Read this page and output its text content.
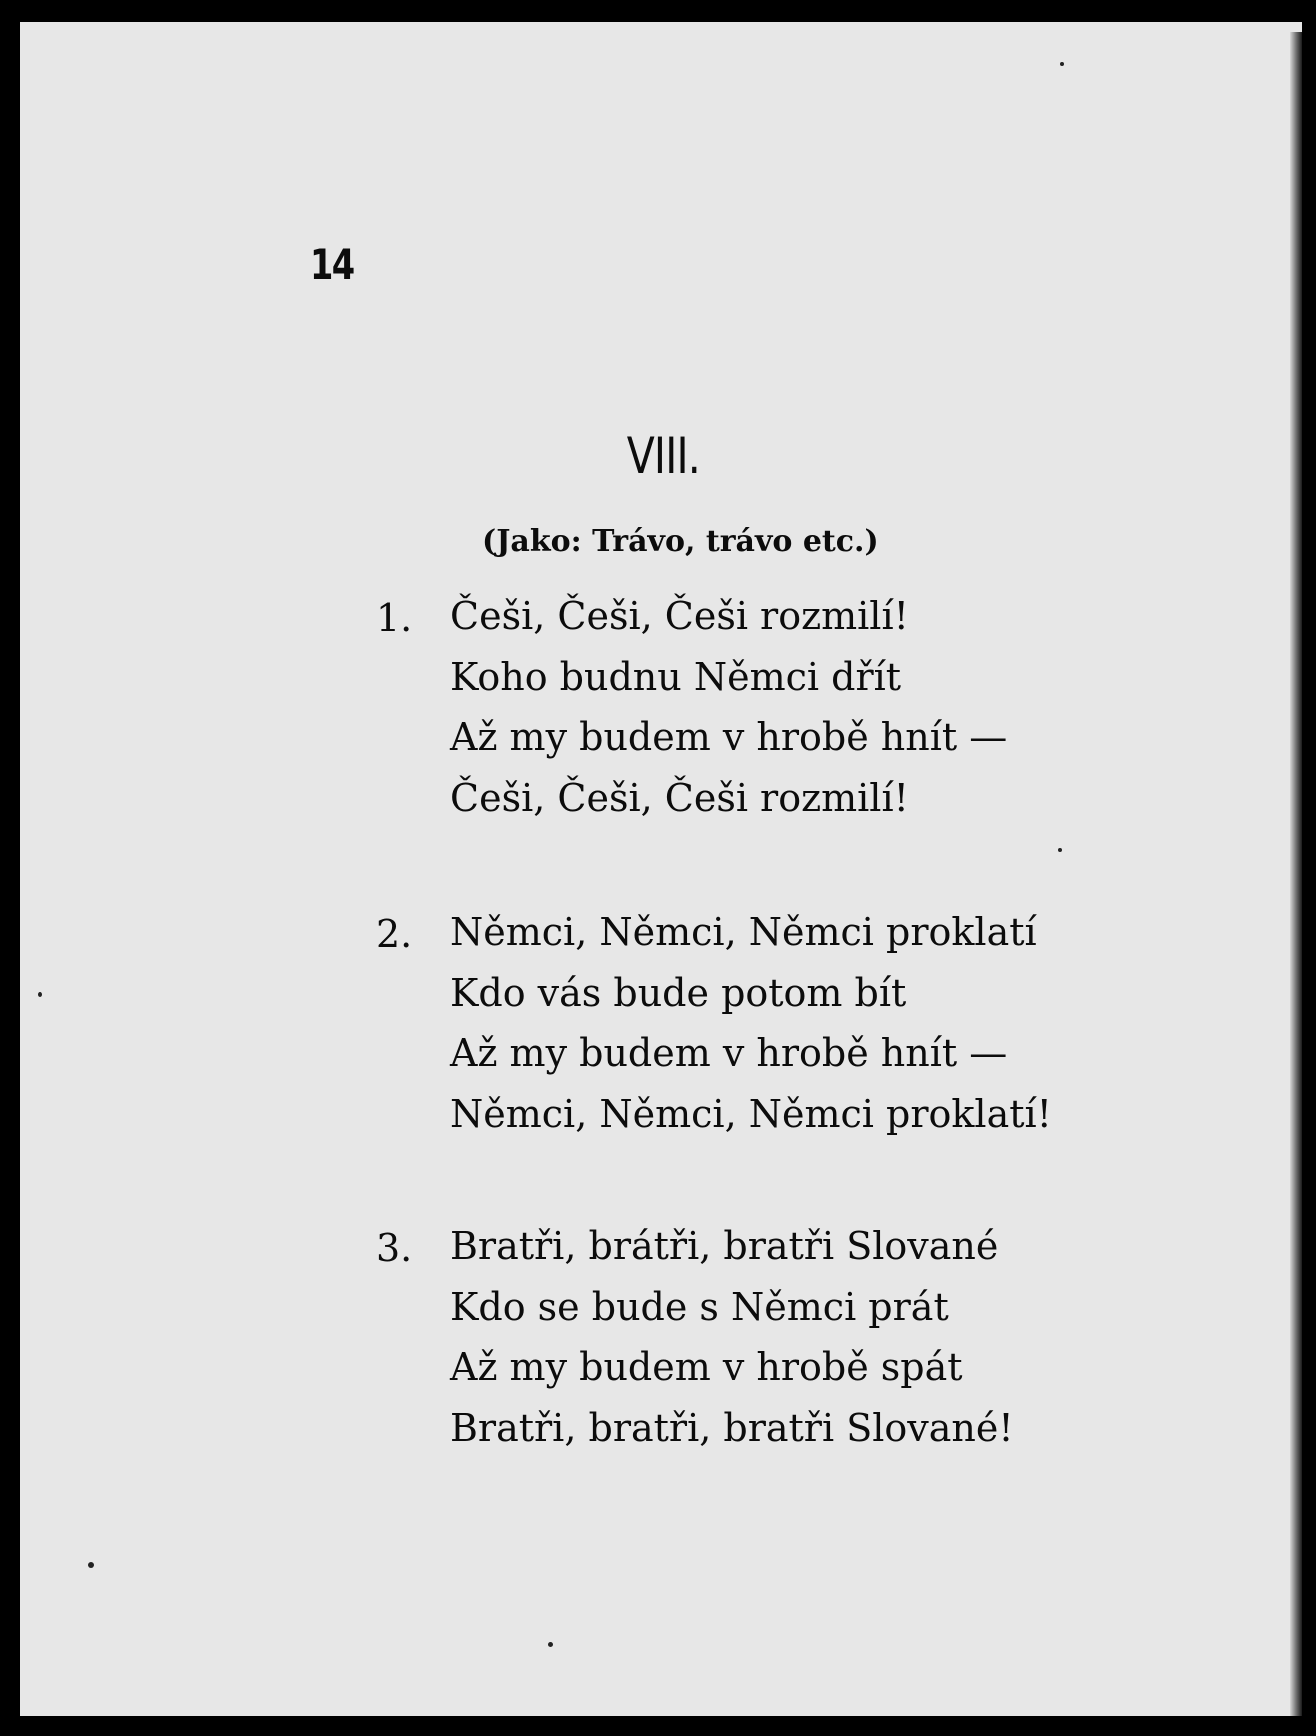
14
VIII.
(Jako: Trávo, trávo etc.)
1. Češi, Češi, Češi rozmilí!

Koho budnu Němci dřít

Až my budem v hrobě hnít —

Češi, Češi, Češi rozmilí!

2. Němci, Němci, Němci proklatí

Kdo vás bude potom bít

Až my budem v hrobě hnít —

Němci, Němci, Němci proklatí!

3. Bratři, brátři, bratři Slované

Kdo se bude s Němci prát

Až my budem v hrobě spát

Bratři, bratři, bratři Slované!
